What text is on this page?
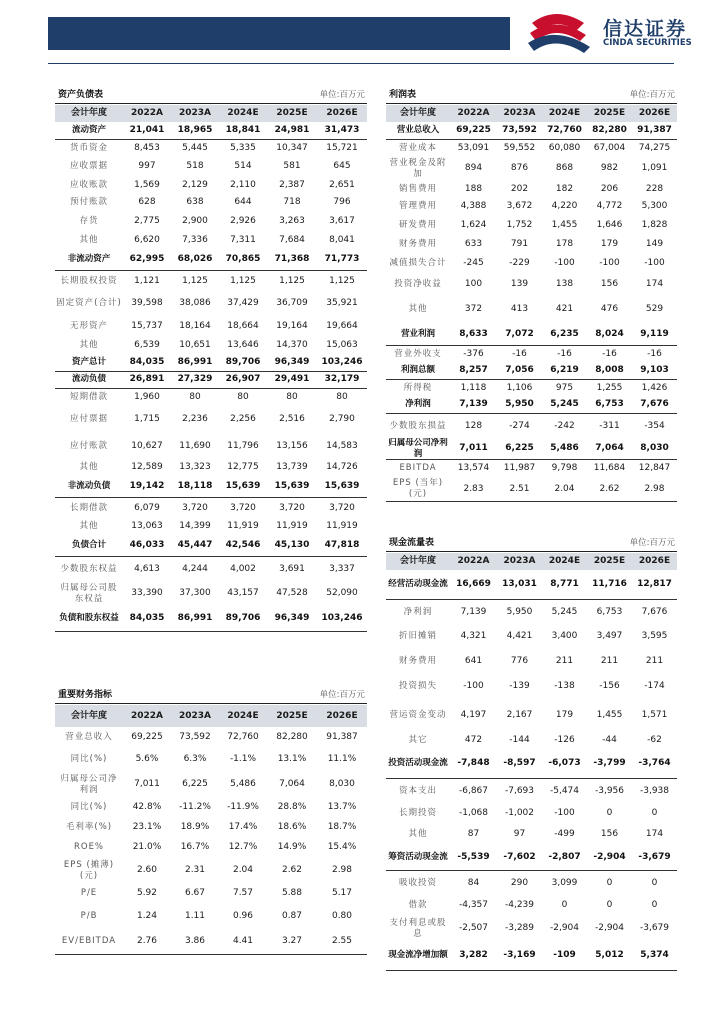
信达证券
CINDA SECURITIES
资产负债表	单位:百万元
会计年度	2022A	2023A	2024E	2025E	2026E
流动资产	21,041	18,965	18,841	24,981	31,473
货币资金	8,453	5,445	5,335	10,347	15,721
应收票据	997	518	514	581	645
应收账款	1,569	2,129	2,110	2,387	2,651
预付账款	628	638	644	718	796
存货	2,775	2,900	2,926	3,263	3,617
其他	6,620	7,336	7,311	7,684	8,041
非流动资产	62,995	68,026	70,865	71,368	71,773
长期股权投资	1,121	1,125	1,125	1,125	1,125
固定资产(合计)	39,598	38,086	37,429	36,709	35,921
无形资产	15,737	18,164	18,664	19,164	19,664
其他	6,539	10,651	13,646	14,370	15,063
资产总计	84,035	86,991	89,706	96,349	103,246
流动负债	26,891	27,329	26,907	29,491	32,179
短期借款	1,960	80	80	80	80
应付票据	1,715	2,236	2,256	2,516	2,790
应付账款	10,627	11,690	11,796	13,156	14,583
其他	12,589	13,323	12,775	13,739	14,726
非流动负债	19,142	18,118	15,639	15,639	15,639
长期借款	6,079	3,720	3,720	3,720	3,720
其他	13,063	14,399	11,919	11,919	11,919
负债合计	46,033	45,447	42,546	45,130	47,818
少数股东权益	4,613	4,244	4,002	3,691	3,337
归属母公司股东权益	33,390	37,300	43,157	47,528	52,090
负债和股东权益	84,035	86,991	89,706	96,349	103,246
利润表	单位:百万元
会计年度	2022A	2023A	2024E	2025E	2026E
营业总收入	69,225	73,592	72,760	82,280	91,387
营业成本	53,091	59,552	60,080	67,004	74,275
营业税金及附加	894	876	868	982	1,091
销售费用	188	202	182	206	228
管理费用	4,388	3,672	4,220	4,772	5,300
研发费用	1,624	1,752	1,455	1,646	1,828
财务费用	633	791	178	179	149
减值损失合计	-245	-229	-100	-100	-100
投资净收益	100	139	138	156	174
其他	372	413	421	476	529
营业利润	8,633	7,072	6,235	8,024	9,119
营业外收支	-376	-16	-16	-16	-16
利润总额	8,257	7,056	6,219	8,008	9,103
所得税	1,118	1,106	975	1,255	1,426
净利润	7,139	5,950	5,245	6,753	7,676
少数股东损益	128	-274	-242	-311	-354
归属母公司净利润	7,011	6,225	5,486	7,064	8,030
EBITDA	13,574	11,987	9,798	11,684	12,847
EPS (当年)(元)	2.83	2.51	2.04	2.62	2.98
现金流量表	单位:百万元
会计年度	2022A	2023A	2024E	2025E	2026E
经营活动现金流	16,669	13,031	8,771	11,716	12,817
净利润	7,139	5,950	5,245	6,753	7,676
折旧摊销	4,321	4,421	3,400	3,497	3,595
财务费用	641	776	211	211	211
投资损失	-100	-139	-138	-156	-174
营运资金变动	4,197	2,167	179	1,455	1,571
其它	472	-144	-126	-44	-62
投资活动现金流	-7,848	-8,597	-6,073	-3,799	-3,764
资本支出	-6,867	-7,693	-5,474	-3,956	-3,938
长期投资	-1,068	-1,002	-100	0	0
其他	87	97	-499	156	174
筹资活动现金流	-5,539	-7,602	-2,807	-2,904	-3,679
吸收投资	84	290	3,099	0	0
借款	-4,357	-4,239	0	0	0
支付利息或股息	-2,507	-3,289	-2,904	-2,904	-3,679
现金流净增加额	3,282	-3,169	-109	5,012	5,374
重要财务指标	单位:百万元
会计年度	2022A	2023A	2024E	2025E	2026E
营业总收入	69,225	73,592	72,760	82,280	91,387
同比(%)	5.6%	6.3%	-1.1%	13.1%	11.1%
归属母公司净利润	7,011	6,225	5,486	7,064	8,030
同比(%)	42.8%	-11.2%	-11.9%	28.8%	13.7%
毛利率(%)	23.1%	18.9%	17.4%	18.6%	18.7%
ROE%	21.0%	16.7%	12.7%	14.9%	15.4%
EPS (摊薄)(元)	2.60	2.31	2.04	2.62	2.98
P/E	5.92	6.67	7.57	5.88	5.17
P/B	1.24	1.11	0.96	0.87	0.80
EV/EBITDA	2.76	3.86	4.41	3.27	2.55
